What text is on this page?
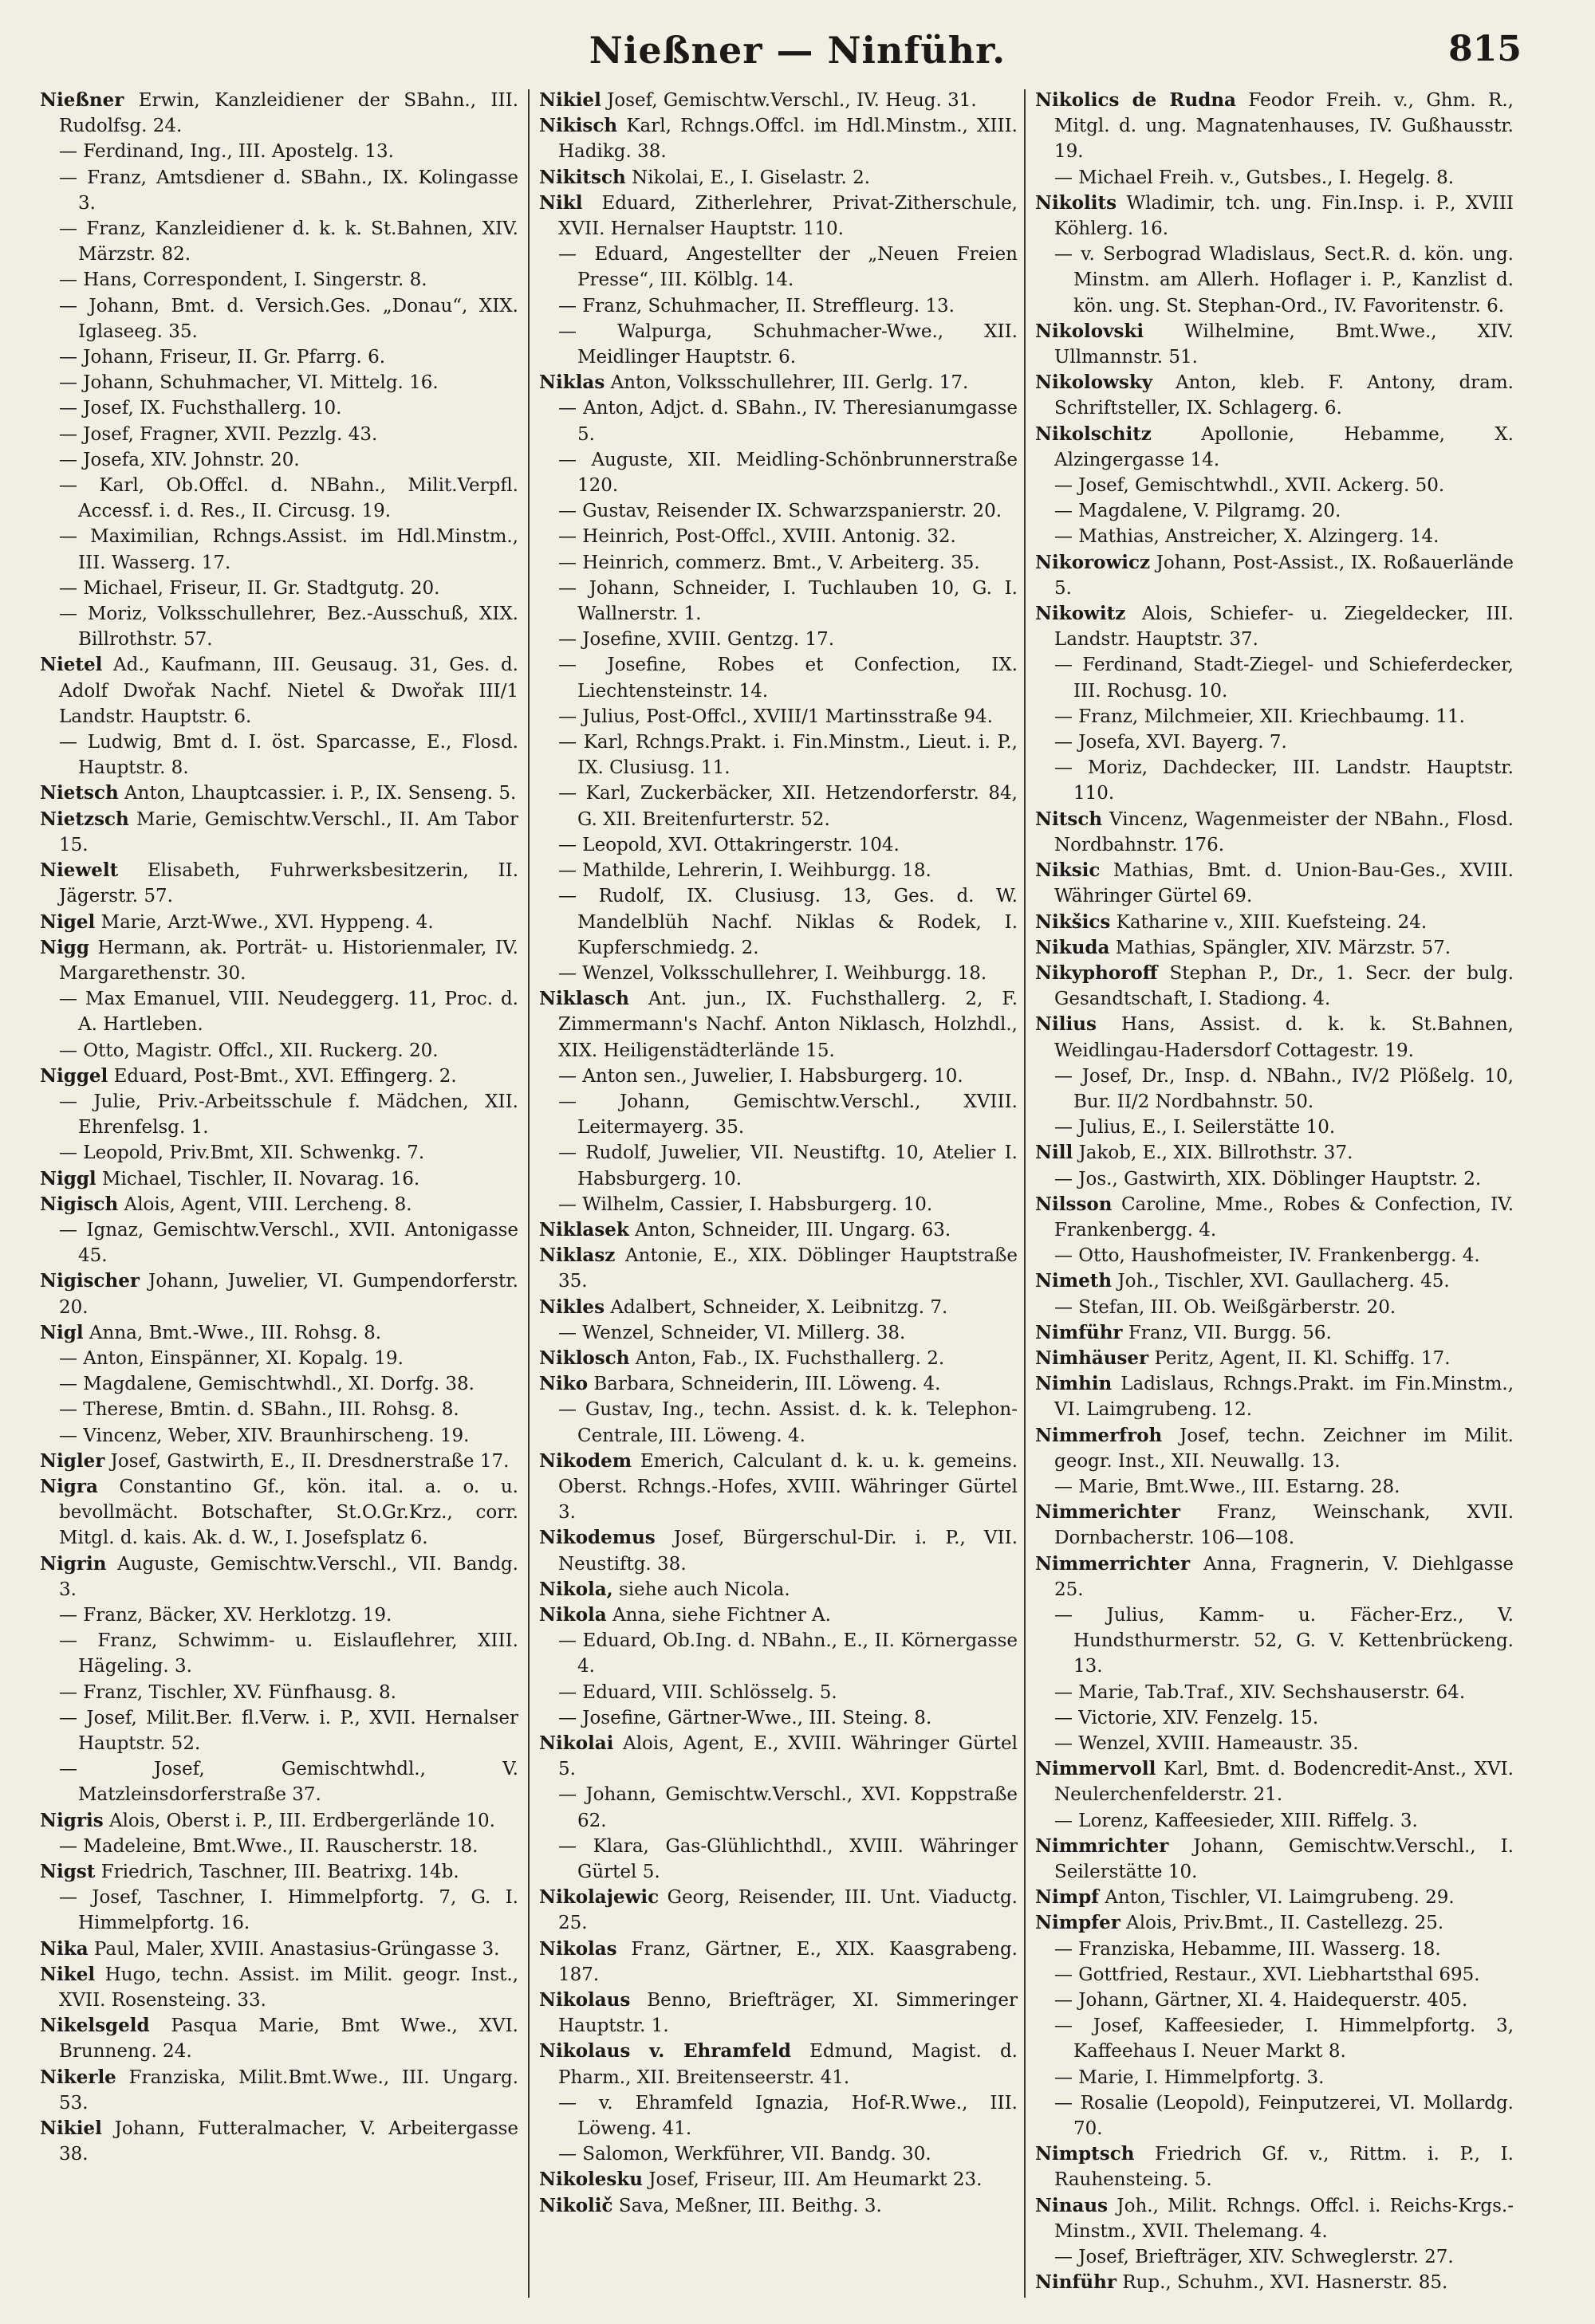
Nießner — Ninführ.	815

Nießner Erwin, Kanzleidiener der SBahn., III. Rudolfsg. 24.

— Ferdinand, Ing., III. Apostelg. 13.

— Franz, Amtsdiener d. SBahn., IX. Kolingasse 3.

— Franz, Kanzleidiener d. k. k. St.Bahnen, XIV. Märzstr. 82.

— Hans, Correspondent, I. Singerstr. 8.

— Johann, Bmt. d. Versich.Ges. „Donau“, XIX. Iglaseeg. 35.

— Johann, Friseur, II. Gr. Pfarrg. 6.

— Johann, Schuhmacher, VI. Mittelg. 16.

— Josef, IX. Fuchsthallerg. 10.

— Josef, Fragner, XVII. Pezzlg. 43.

— Josefa, XIV. Johnstr. 20.

— Karl, Ob.Offcl. d. NBahn., Milit.Verpfl. Accessf. i. d. Res., II. Circusg. 19.

— Maximilian, Rchngs.Assist. im Hdl.Minstm., III. Wasserg. 17.

— Michael, Friseur, II. Gr. Stadtgutg. 20.

— Moriz, Volksschullehrer, Bez.-Ausschuß, XIX. Billrothstr. 57.

Nietel Ad., Kaufmann, III. Geusaug. 31, Ges. d. Adolf Dwořak Nachf. Nietel & Dwořak III/1 Landstr. Hauptstr. 6.

— Ludwig, Bmt d. I. öst. Sparcasse, E., Flosd. Hauptstr. 8.

Nietsch Anton, Lhauptcassier. i. P., IX. Senseng. 5.

Nietzsch Marie, Gemischtw.Verschl., II. Am Tabor 15.

Niewelt Elisabeth, Fuhrwerksbesitzerin, II. Jägerstr. 57.

Nigel Marie, Arzt-Wwe., XVI. Hyppeng. 4.

Nigg Hermann, ak. Porträt- u. Historienmaler, IV. Margarethenstr. 30.

— Max Emanuel, VIII. Neudeggerg. 11, Proc. d. A. Hartleben.

— Otto, Magistr. Offcl., XII. Ruckerg. 20.

Niggel Eduard, Post-Bmt., XVI. Effingerg. 2.

— Julie, Priv.-Arbeitsschule f. Mädchen, XII. Ehrenfelsg. 1.

— Leopold, Priv.Bmt, XII. Schwenkg. 7.

Niggl Michael, Tischler, II. Novarag. 16.

Nigisch Alois, Agent, VIII. Lercheng. 8.

— Ignaz, Gemischtw.Verschl., XVII. Antonigasse 45.

Nigischer Johann, Juwelier, VI. Gumpendorferstr. 20.

Nigl Anna, Bmt.-Wwe., III. Rohsg. 8.

— Anton, Einspänner, XI. Kopalg. 19.

— Magdalene, Gemischtwhdl., XI. Dorfg. 38.

— Therese, Bmtin. d. SBahn., III. Rohsg. 8.

— Vincenz, Weber, XIV. Braunhirscheng. 19.

Nigler Josef, Gastwirth, E., II. Dresdnerstraße 17.

Nigra Constantino Gf., kön. ital. a. o. u. bevollmächt. Botschafter, St.O.Gr.Krz., corr. Mitgl. d. kais. Ak. d. W., I. Josefsplatz 6.

Nigrin Auguste, Gemischtw.Verschl., VII. Bandg. 3.

— Franz, Bäcker, XV. Herklotzg. 19.

— Franz, Schwimm- u. Eislauflehrer, XIII. Hägeling. 3.

— Franz, Tischler, XV. Fünfhausg. 8.

— Josef, Milit.Ber. fl.Verw. i. P., XVII. Hernalser Hauptstr. 52.

— Josef, Gemischtwhdl., V. Matzleinsdorferstraße 37.

Nigris Alois, Oberst i. P., III. Erdbergerlände 10.

— Madeleine, Bmt.Wwe., II. Rauscherstr. 18.

Nigst Friedrich, Taschner, III. Beatrixg. 14b.

— Josef, Taschner, I. Himmelpfortg. 7, G. I. Himmelpfortg. 16.

Nika Paul, Maler, XVIII. Anastasius-Grüngasse 3.

Nikel Hugo, techn. Assist. im Milit. geogr. Inst., XVII. Rosensteing. 33.

Nikelsgeld Pasqua Marie, Bmt Wwe., XVI. Brunneng. 24.

Nikerle Franziska, Milit.Bmt.Wwe., III. Ungarg. 53.

Nikiel Johann, Futteralmacher, V. Arbeitergasse 38.

Nikiel Josef, Gemischtw.Verschl., IV. Heug. 31.

Nikisch Karl, Rchngs.Offcl. im Hdl.Minstm., XIII. Hadikg. 38.

Nikitsch Nikolai, E., I. Giselastr. 2.

Nikl Eduard, Zitherlehrer, Privat-Zitherschule, XVII. Hernalser Hauptstr. 110.

— Eduard, Angestellter der „Neuen Freien Presse“, III. Kölblg. 14.

— Franz, Schuhmacher, II. Streffleurg. 13.

— Walpurga, Schuhmacher-Wwe., XII. Meidlinger Hauptstr. 6.

Niklas Anton, Volksschullehrer, III. Gerlg. 17.

— Anton, Adjct. d. SBahn., IV. Theresianumgasse 5.

— Auguste, XII. Meidling-Schönbrunnerstraße 120.

— Gustav, Reisender IX. Schwarzspanierstr. 20.

— Heinrich, Post-Offcl., XVIII. Antonig. 32.

— Heinrich, commerz. Bmt., V. Arbeiterg. 35.

— Johann, Schneider, I. Tuchlauben 10, G. I. Wallnerstr. 1.

— Josefine, XVIII. Gentzg. 17.

— Josefine, Robes et Confection, IX. Liechtensteinstr. 14.

— Julius, Post-Offcl., XVIII/1 Martinsstraße 94.

— Karl, Rchngs.Prakt. i. Fin.Minstm., Lieut. i. P., IX. Clusiusg. 11.

— Karl, Zuckerbäcker, XII. Hetzendorferstr. 84, G. XII. Breitenfurterstr. 52.

— Leopold, XVI. Ottakringerstr. 104.

— Mathilde, Lehrerin, I. Weihburgg. 18.

— Rudolf, IX. Clusiusg. 13, Ges. d. W. Mandelblüh Nachf. Niklas & Rodek, I. Kupferschmiedg. 2.

— Wenzel, Volksschullehrer, I. Weihburgg. 18.

Niklasch Ant. jun., IX. Fuchsthallerg. 2, F. Zimmermann's Nachf. Anton Niklasch, Holzhdl., XIX. Heiligenstädterlände 15.

— Anton sen., Juwelier, I. Habsburgerg. 10.

— Johann, Gemischtw.Verschl., XVIII. Leitermayerg. 35.

— Rudolf, Juwelier, VII. Neustiftg. 10, Atelier I. Habsburgerg. 10.

— Wilhelm, Cassier, I. Habsburgerg. 10.

Niklasek Anton, Schneider, III. Ungarg. 63.

Niklasz Antonie, E., XIX. Döblinger Hauptstraße 35.

Nikles Adalbert, Schneider, X. Leibnitzg. 7.

— Wenzel, Schneider, VI. Millerg. 38.

Niklosch Anton, Fab., IX. Fuchsthallerg. 2.

Niko Barbara, Schneiderin, III. Löweng. 4.

— Gustav, Ing., techn. Assist. d. k. k. Telephon-Centrale, III. Löweng. 4.

Nikodem Emerich, Calculant d. k. u. k. gemeins. Oberst. Rchngs.-Hofes, XVIII. Währinger Gürtel 3.

Nikodemus Josef, Bürgerschul-Dir. i. P., VII. Neustiftg. 38.

Nikola, siehe auch Nicola.

Nikola Anna, siehe Fichtner A.

— Eduard, Ob.Ing. d. NBahn., E., II. Körnergasse 4.

— Eduard, VIII. Schlösselg. 5.

— Josefine, Gärtner-Wwe., III. Steing. 8.

Nikolai Alois, Agent, E., XVIII. Währinger Gürtel 5.

— Johann, Gemischtw.Verschl., XVI. Koppstraße 62.

— Klara, Gas-Glühlichthdl., XVIII. Währinger Gürtel 5.

Nikolajewic Georg, Reisender, III. Unt. Viaductg. 25.

Nikolas Franz, Gärtner, E., XIX. Kaasgrabeng. 187.

Nikolaus Benno, Briefträger, XI. Simmeringer Hauptstr. 1.

Nikolaus v. Ehramfeld Edmund, Magist. d. Pharm., XII. Breitenseerstr. 41.

— v. Ehramfeld Ignazia, Hof-R.Wwe., III. Löweng. 41.

— Salomon, Werkführer, VII. Bandg. 30.

Nikolesku Josef, Friseur, III. Am Heumarkt 23.

Nikolič Sava, Meßner, III. Beithg. 3.

Nikolics de Rudna Feodor Freih. v., Ghm. R., Mitgl. d. ung. Magnatenhauses, IV. Gußhausstr. 19.

— Michael Freih. v., Gutsbes., I. Hegelg. 8.

Nikolits Wladimir, tch. ung. Fin.Insp. i. P., XVIII Köhlerg. 16.

— v. Serbograd Wladislaus, Sect.R. d. kön. ung. Minstm. am Allerh. Hoflager i. P., Kanzlist d. kön. ung. St. Stephan-Ord., IV. Favoritenstr. 6.

Nikolovski Wilhelmine, Bmt.Wwe., XIV. Ullmannstr. 51.

Nikolowsky Anton, kleb. F. Antony, dram. Schriftsteller, IX. Schlagerg. 6.

Nikolschitz	Apollonie, Hebamme, X. Alzingergasse 14.

— Josef, Gemischtwhdl., XVII. Ackerg. 50.

— Magdalene, V. Pilgramg. 20.

— Mathias, Anstreicher, X. Alzingerg. 14.

Nikorowicz Johann, Post-Assist., IX. Roßauerlände 5.

Nikowitz Alois, Schiefer- u. Ziegeldecker, III. Landstr. Hauptstr. 37.

— Ferdinand, Stadt-Ziegel- und Schieferdecker, III. Rochusg. 10.

— Franz, Milchmeier, XII. Kriechbaumg. 11.

— Josefa, XVI. Bayerg. 7.

— Moriz, Dachdecker, III. Landstr. Hauptstr. 110.

Nitsch Vincenz, Wagenmeister der NBahn., Flosd. Nordbahnstr. 176.

Niksic Mathias, Bmt. d. Union-Bau-Ges., XVIII. Währinger Gürtel 69.

Nikšics Katharine v., XIII. Kuefsteing. 24.

Nikuda Mathias, Spängler, XIV. Märzstr. 57.

Nikyphoroff Stephan P., Dr., 1. Secr. der bulg. Gesandtschaft, I. Stadiong. 4.

Nilius Hans, Assist. d. k. k. St.Bahnen, Weidlingau-Hadersdorf Cottagestr. 19.

— Josef, Dr., Insp. d. NBahn., IV/2 Plößelg. 10, Bur. II/2 Nordbahnstr. 50.

— Julius, E., I. Seilerstätte 10.

Nill Jakob, E., XIX. Billrothstr. 37.

— Jos., Gastwirth, XIX. Döblinger Hauptstr. 2.

Nilsson Caroline, Mme., Robes & Confection, IV. Frankenbergg. 4.

— Otto, Haushofmeister, IV. Frankenbergg. 4.

Nimeth Joh., Tischler, XVI. Gaullacherg. 45.

— Stefan, III. Ob. Weißgärberstr. 20.

Nimführ Franz, VII. Burgg. 56.

Nimhäuser Peritz, Agent, II. Kl. Schiffg. 17.

Nimhin Ladislaus, Rchngs.Prakt. im Fin.Minstm., VI. Laimgrubeng. 12.

Nimmerfroh Josef, techn. Zeichner im Milit. geogr. Inst., XII. Neuwallg. 13.

— Marie, Bmt.Wwe., III. Estarng. 28.

Nimmerichter Franz, Weinschank, XVII. Dornbacherstr. 106—108.

Nimmerrichter Anna, Fragnerin, V. Diehlgasse 25.

— Julius, Kamm- u. Fächer-Erz., V. Hundsthurmerstr. 52, G. V. Kettenbrückeng. 13.

— Marie, Tab.Traf., XIV. Sechshauserstr. 64.

— Victorie, XIV. Fenzelg. 15.

— Wenzel, XVIII. Hameaustr. 35.

Nimmervoll Karl, Bmt. d. Bodencredit-Anst., XVI. Neulerchenfelderstr. 21.

— Lorenz, Kaffeesieder, XIII. Riffelg. 3.

Nimmrichter Johann, Gemischtw.Verschl., I. Seilerstätte 10.

Nimpf Anton, Tischler, VI. Laimgrubeng. 29.

Nimpfer Alois, Priv.Bmt., II. Castellezg. 25.

— Franziska, Hebamme, III. Wasserg. 18.

— Gottfried, Restaur., XVI. Liebhartsthal 695.

— Johann, Gärtner, XI. 4. Haidequerstr. 405.

— Josef, Kaffeesieder, I. Himmelpfortg. 3, Kaffeehaus I. Neuer Markt 8.

— Marie, I. Himmelpfortg. 3.

— Rosalie (Leopold), Feinputzerei, VI. Mollardg. 70.

Nimptsch Friedrich Gf. v., Rittm. i. P., I. Rauhensteing. 5.

Ninaus Joh., Milit. Rchngs. Offcl. i. Reichs-Krgs.-Minstm., XVII. Thelemang. 4.

— Josef, Briefträger, XIV. Schweglerstr. 27.

Ninführ Rup., Schuhm., XVI. Hasnerstr. 85.
